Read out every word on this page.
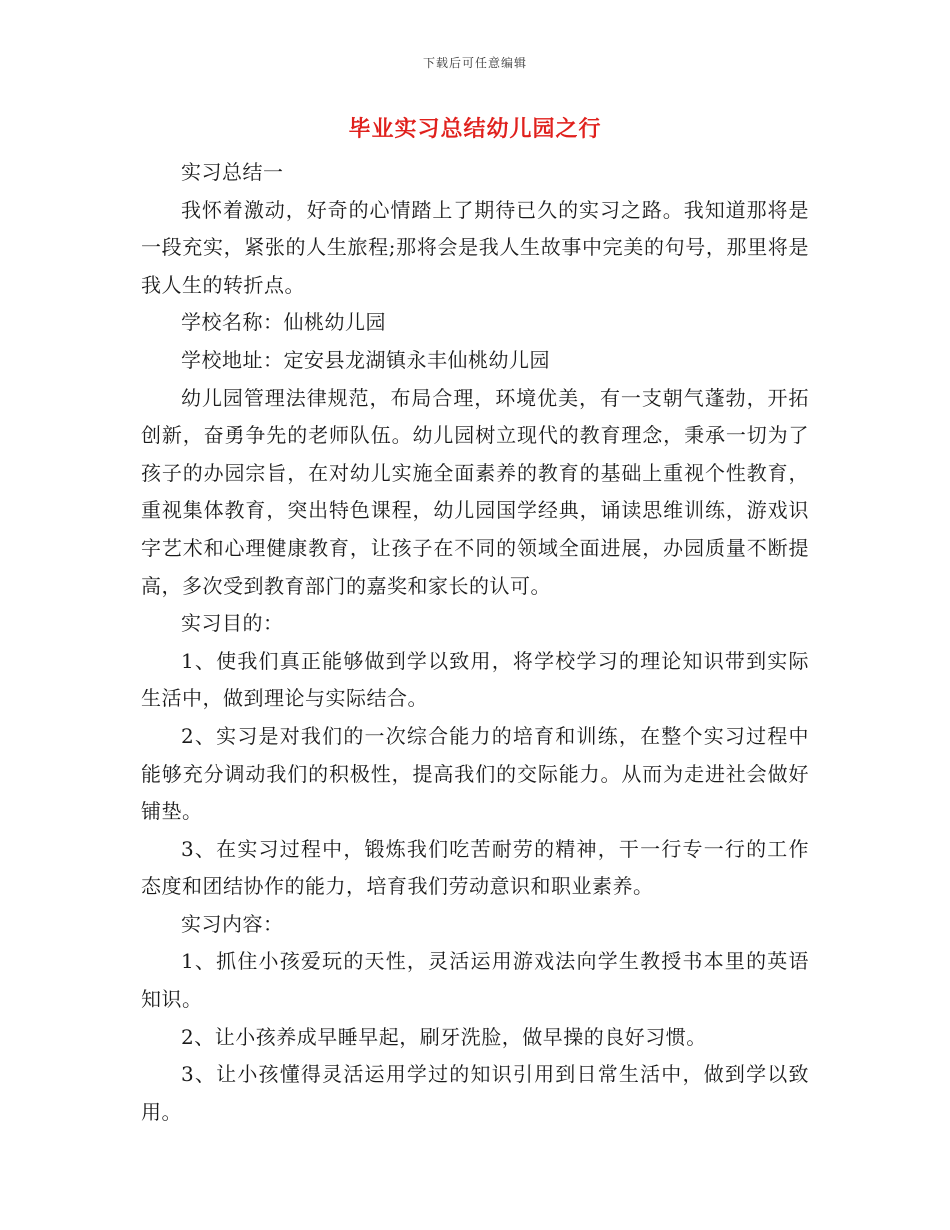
下载后可任意编辑
毕业实习总结幼儿园之行

实习总结一

我怀着激动，好奇的心情踏上了期待已久的实习之路。我知道那将是一段充实，紧张的人生旅程;那将会是我人生故事中完美的句号，那里将是我人生的转折点。

学校名称：仙桃幼儿园

学校地址：定安县龙湖镇永丰仙桃幼儿园

幼儿园管理法律规范，布局合理，环境优美，有一支朝气蓬勃，开拓创新，奋勇争先的老师队伍。幼儿园树立现代的教育理念，秉承一切为了孩子的办园宗旨，在对幼儿实施全面素养的教育的基础上重视个性教育，重视集体教育，突出特色课程，幼儿园国学经典，诵读思维训练，游戏识字艺术和心理健康教育，让孩子在不同的领域全面进展，办园质量不断提高，多次受到教育部门的嘉奖和家长的认可。

实习目的：

1、使我们真正能够做到学以致用，将学校学习的理论知识带到实际生活中，做到理论与实际结合。

2、实习是对我们的一次综合能力的培育和训练，在整个实习过程中能够充分调动我们的积极性，提高我们的交际能力。从而为走进社会做好铺垫。

3、在实习过程中，锻炼我们吃苦耐劳的精神，干一行专一行的工作态度和团结协作的能力，培育我们劳动意识和职业素养。

实习内容：

1、抓住小孩爱玩的天性，灵活运用游戏法向学生教授书本里的英语知识。

2、让小孩养成早睡早起，刷牙洗脸，做早操的良好习惯。

3、让小孩懂得灵活运用学过的知识引用到日常生活中，做到学以致用。
